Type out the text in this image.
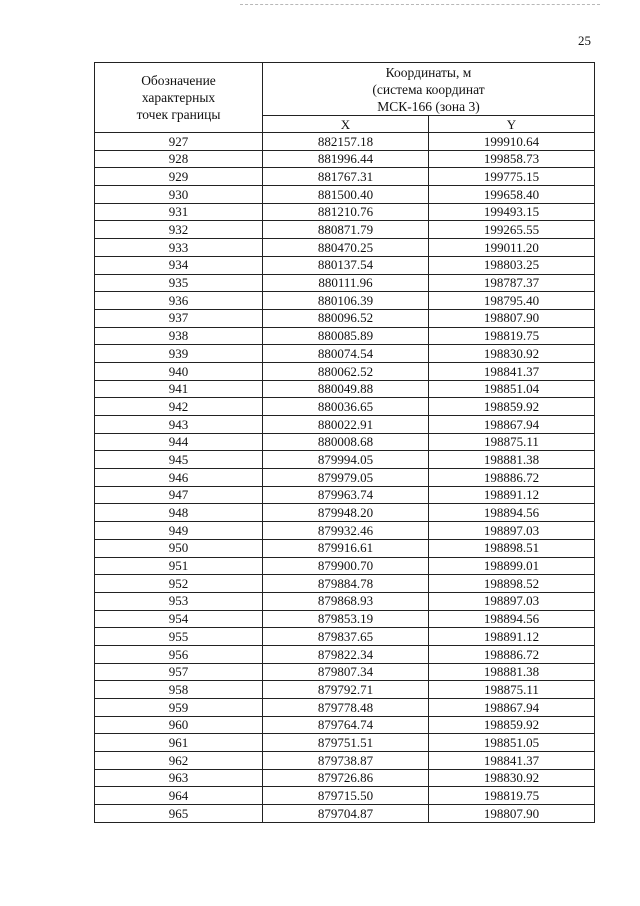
25
Обозначение
характерных
точек границы	Координаты, м
(система координат
МСК-166 (зона 3)	

	X	Y
927	882157.18	199910.64
928	881996.44	199858.73
929	881767.31	199775.15
930	881500.40	199658.40
931	881210.76	199493.15
932	880871.79	199265.55
933	880470.25	199011.20
934	880137.54	198803.25
935	880111.96	198787.37
936	880106.39	198795.40
937	880096.52	198807.90
938	880085.89	198819.75
939	880074.54	198830.92
940	880062.52	198841.37
941	880049.88	198851.04
942	880036.65	198859.92
943	880022.91	198867.94
944	880008.68	198875.11
945	879994.05	198881.38
946	879979.05	198886.72
947	879963.74	198891.12
948	879948.20	198894.56
949	879932.46	198897.03
950	879916.61	198898.51
951	879900.70	198899.01
952	879884.78	198898.52
953	879868.93	198897.03
954	879853.19	198894.56
955	879837.65	198891.12
956	879822.34	198886.72
957	879807.34	198881.38
958	879792.71	198875.11
959	879778.48	198867.94
960	879764.74	198859.92
961	879751.51	198851.05
962	879738.87	198841.37
963	879726.86	198830.92
964	879715.50	198819.75
965	879704.87	198807.90
